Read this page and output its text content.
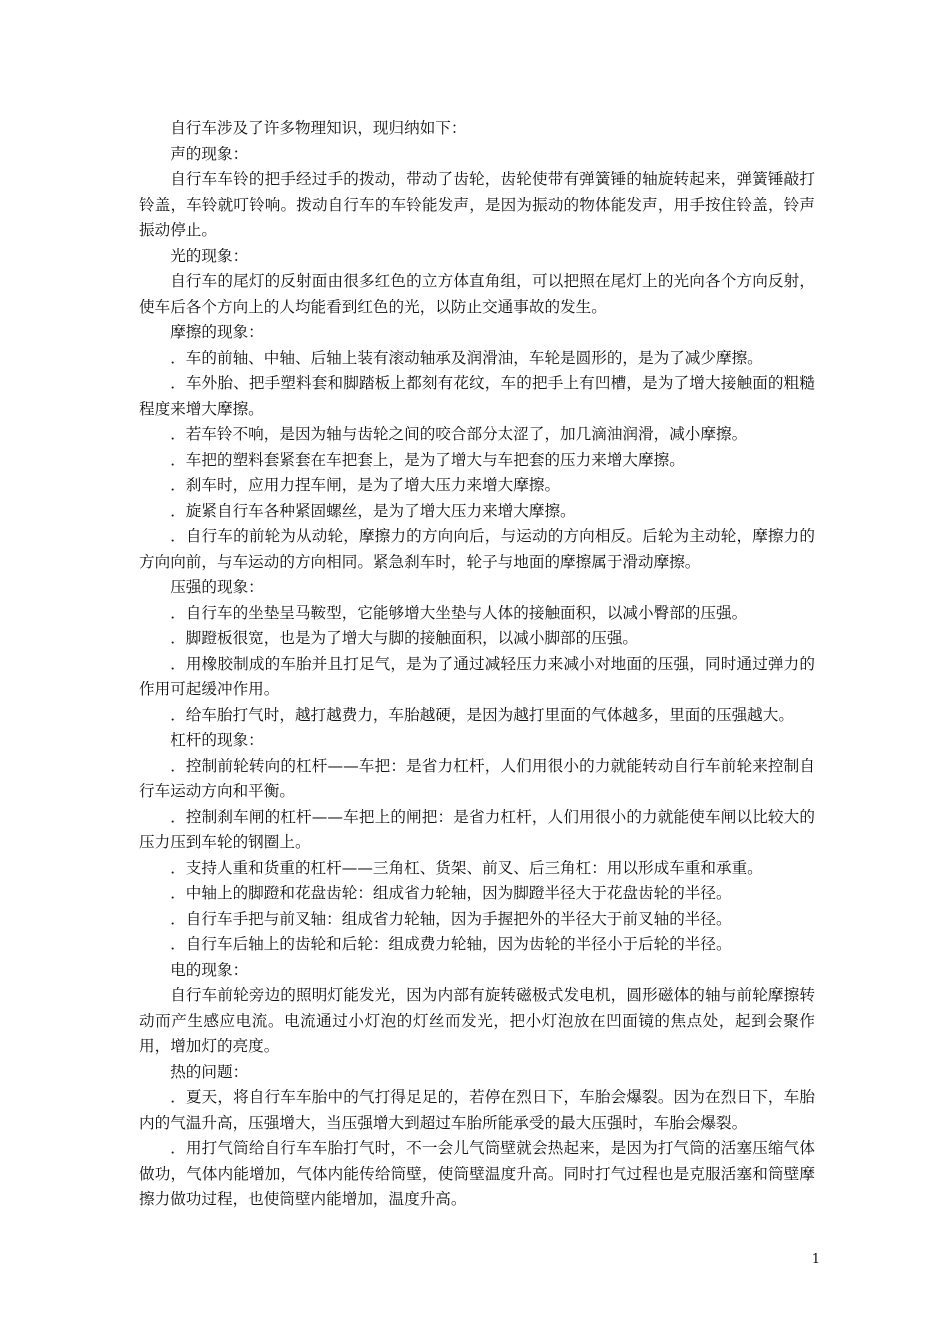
自行车涉及了许多物理知识，现归纳如下：

声的现象：

自行车车铃的把手经过手的拨动，带动了齿轮，齿轮使带有弹簧锤的轴旋转起来，弹簧锤敲打铃盖，车铃就叮铃响。拨动自行车的车铃能发声，是因为振动的物体能发声，用手按住铃盖，铃声振动停止。

光的现象：

自行车的尾灯的反射面由很多红色的立方体直角组，可以把照在尾灯上的光向各个方向反射，使车后各个方向上的人均能看到红色的光，以防止交通事故的发生。

摩擦的现象：

．车的前轴、中轴、后轴上装有滚动轴承及润滑油，车轮是圆形的，是为了减少摩擦。

．车外胎、把手塑料套和脚踏板上都刻有花纹，车的把手上有凹槽，是为了增大接触面的粗糙程度来增大摩擦。

．若车铃不响，是因为轴与齿轮之间的咬合部分太涩了，加几滴油润滑，减小摩擦。

．车把的塑料套紧套在车把套上，是为了增大与车把套的压力来增大摩擦。

．刹车时，应用力捏车闸，是为了增大压力来增大摩擦。

．旋紧自行车各种紧固螺丝，是为了增大压力来增大摩擦。

．自行车的前轮为从动轮，摩擦力的方向向后，与运动的方向相反。后轮为主动轮，摩擦力的方向向前，与车运动的方向相同。紧急刹车时，轮子与地面的摩擦属于滑动摩擦。

压强的现象：

．自行车的坐垫呈马鞍型，它能够增大坐垫与人体的接触面积，以减小臀部的压强。

．脚蹬板很宽，也是为了增大与脚的接触面积，以减小脚部的压强。

．用橡胶制成的车胎并且打足气，是为了通过减轻压力来减小对地面的压强，同时通过弹力的作用可起缓冲作用。

．给车胎打气时，越打越费力，车胎越硬，是因为越打里面的气体越多，里面的压强越大。

杠杆的现象：

．控制前轮转向的杠杆——车把：是省力杠杆，人们用很小的力就能转动自行车前轮来控制自行车运动方向和平衡。

．控制刹车闸的杠杆——车把上的闸把：是省力杠杆，人们用很小的力就能使车闸以比较大的压力压到车轮的钢圈上。

．支持人重和货重的杠杆——三角杠、货架、前叉、后三角杠：用以形成车重和承重。

．中轴上的脚蹬和花盘齿轮：组成省力轮轴，因为脚蹬半径大于花盘齿轮的半径。

．自行车手把与前叉轴：组成省力轮轴，因为手握把外的半径大于前叉轴的半径。

．自行车后轴上的齿轮和后轮：组成费力轮轴，因为齿轮的半径小于后轮的半径。

电的现象：

自行车前轮旁边的照明灯能发光，因为内部有旋转磁极式发电机，圆形磁体的轴与前轮摩擦转动而产生感应电流。电流通过小灯泡的灯丝而发光，把小灯泡放在凹面镜的焦点处，起到会聚作用，增加灯的亮度。

热的问题：

．夏天，将自行车车胎中的气打得足足的，若停在烈日下，车胎会爆裂。因为在烈日下，车胎内的气温升高，压强增大，当压强增大到超过车胎所能承受的最大压强时，车胎会爆裂。

．用打气筒给自行车车胎打气时，不一会儿气筒壁就会热起来，是因为打气筒的活塞压缩气体做功，气体内能增加，气体内能传给筒壁，使筒壁温度升高。同时打气过程也是克服活塞和筒壁摩擦力做功过程，也使筒壁内能增加，温度升高。

1
